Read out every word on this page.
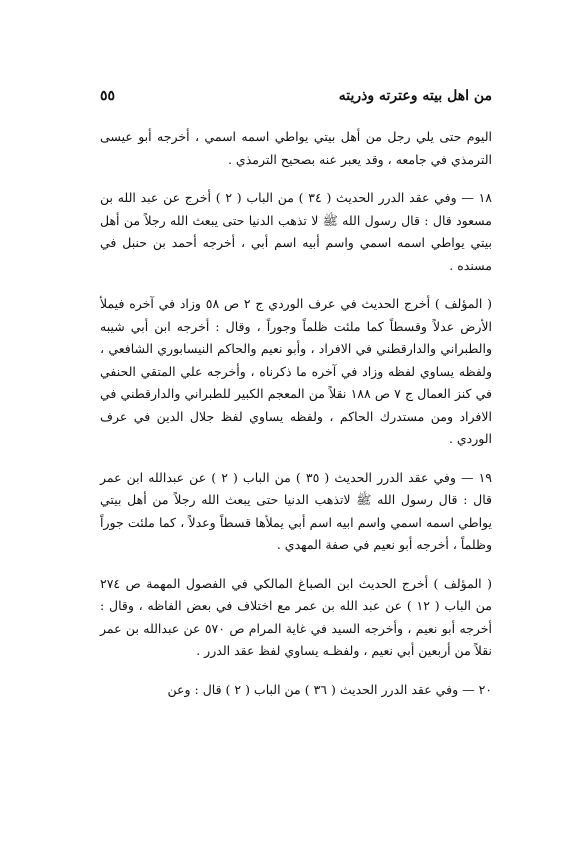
من اهل بيته وعترته وذريته
٥٥

اليوم حتى يلي رجل من أهل بيتي يواطي اسمه اسمي ، أخرجه أبو عيسى الترمذي في جامعه ، وقد يعبر عنه بصحيح الترمذي .

١٨ — وفي عقد الدرر الحديث ( ٣٤ ) من الباب ( ٢ ) أخرج عن عبد الله بن مسعود قال : قال رسول الله ﷺ لا تذهب الدنيا حتى يبعث الله رجلاً من أهل بيتي يواطي اسمه اسمي واسم أبيه اسم أبي ، أخرجه أحمد بن حنبل في مسنده .

( المؤلف ) أخرج الحديث في عرف الوردي ج ٢ ص ٥٨ وزاد في آخره فيملأ الأرض عدلاً وقسطاً كما ملئت ظلماً وجوراً ، وقال : أخرجه ابن أبي شيبه والطبراني والدارقطني في الافراد ، وأبو نعيم والحاكم النيسابوري الشافعي ، ولفظه يساوي لفظه وزاد في آخره ما ذكرناه ، وأخرجه علي المتقي الحنفي في كنز العمال ج ٧ ص ١٨٨ نقلاً من المعجم الكبير للطبراني والدارقطني في الافراد ومن مستدرك الحاكم ، ولفظه يساوي لفظ جلال الدين في عرف الوردي .

١٩ — وفي عقد الدرر الحديث ( ٣٥ ) من الباب ( ٢ ) عن عبدالله ابن عمر قال : قال رسول الله ﷺ لاتذهب الدنيا حتى يبعث الله رجلاً من أهل بيتي يواطي اسمه اسمي واسم ابيه اسم أبي يملأها قسطاً وعدلاً ، كما ملئت جوراً وظلماً ، أخرجه أبو نعيم في صفة المهدي .

( المؤلف ) أخرج الحديث ابن الصباغ المالكي في الفصول المهمة ص ٢٧٤ من الباب ( ١٢ ) عن عبد الله بن عمر مع اختلاف في بعض الفاظه ، وقال : أخرجه أبو نعيم ، وأخرجه السيد في غاية المرام ص ٥٧٠ عن عبدالله بن عمر نقلاً من أربعين أبي نعيم ، ولفظـه يساوي لفظ عقد الدرر .

٢٠ — وفي عقد الدرر الحديث ( ٣٦ ) من الباب ( ٢ ) قال : وعن
